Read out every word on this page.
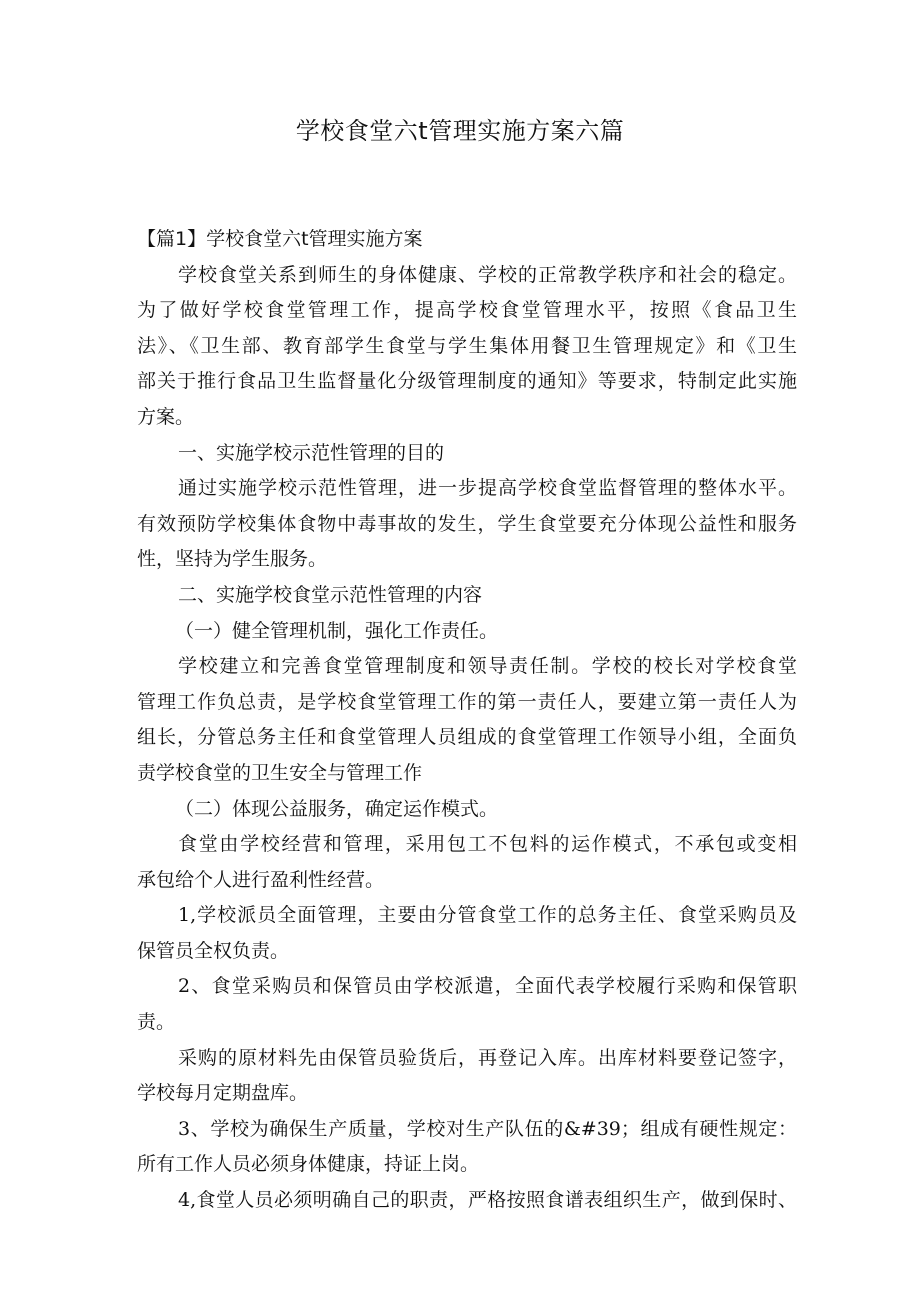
学校食堂六t管理实施方案六篇
【篇1】学校食堂六t管理实施方案
学校食堂关系到师生的身体健康、学校的正常教学秩序和社会的稳定。
为了做好学校食堂管理工作，提高学校食堂管理水平，按照《食品卫生
法》、《卫生部、教育部学生食堂与学生集体用餐卫生管理规定》和《卫生
部关于推行食品卫生监督量化分级管理制度的通知》等要求，特制定此实施
方案。
一、实施学校示范性管理的目的
通过实施学校示范性管理，进一步提高学校食堂监督管理的整体水平。
有效预防学校集体食物中毒事故的发生，学生食堂要充分体现公益性和服务
性，坚持为学生服务。
二、实施学校食堂示范性管理的内容
（一）健全管理机制，强化工作责任。
学校建立和完善食堂管理制度和领导责任制。学校的校长对学校食堂
管理工作负总责，是学校食堂管理工作的第一责任人，要建立第一责任人为
组长，分管总务主任和食堂管理人员组成的食堂管理工作领导小组，全面负
责学校食堂的卫生安全与管理工作
（二）体现公益服务，确定运作模式。
食堂由学校经营和管理，采用包工不包料的运作模式，不承包或变相
承包给个人进行盈利性经营。
1,学校派员全面管理，主要由分管食堂工作的总务主任、食堂采购员及
保管员全权负责。
2、食堂采购员和保管员由学校派遣，全面代表学校履行采购和保管职
责。
采购的原材料先由保管员验货后，再登记入库。出库材料要登记签字，
学校每月定期盘库。
3、学校为确保生产质量，学校对生产队伍的&#39；组成有硬性规定：
所有工作人员必须身体健康，持证上岗。
4,食堂人员必须明确自己的职责，严格按照食谱表组织生产，做到保时、
